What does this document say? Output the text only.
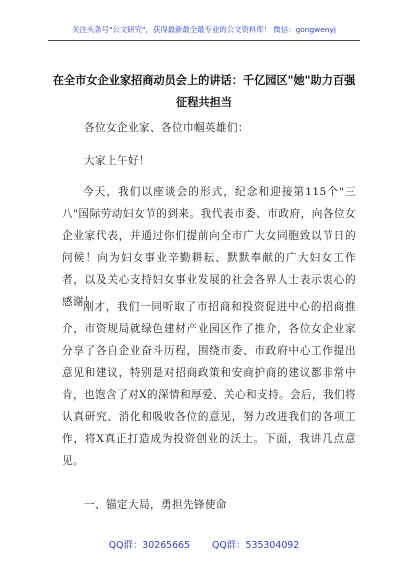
关注头条号"公文研究"，获得最新最全最专业的公文资料库！ 微信：gongwenyj
在全市女企业家招商动员会上的讲话：千亿园区"她"助力百强征程共担当
各位女企业家、各位巾帼英雄们：
大家上午好！
今天，我们以座谈会的形式，纪念和迎接第115个"三八"国际劳动妇女节的到来。我代表市委、市政府，向各位女企业家代表，并通过你们提前向全市广大女同胞致以节日的问候！向为妇女事业辛勤耕耘、默默奉献的广大妇女工作者，以及关心支持妇女事业发展的社会各界人士表示衷心的感谢！
刚才，我们一同听取了市招商和投资促进中心的招商推介，市资规局就绿色建材产业园区作了推介，各位女企业家分享了各自企业奋斗历程，围绕市委、市政府中心工作提出意见和建议，特别是对招商政策和安商护商的建议都非常中肯，也饱含了对X的深情和厚爱、关心和支持。会后，我们将认真研究、消化和吸收各位的意见，努力改进我们的各项工作，将X真正打造成为投资创业的沃土。下面，我讲几点意见。
一、锚定大局，勇担先锋使命
QQ群：30265665 QQ群：535304092
